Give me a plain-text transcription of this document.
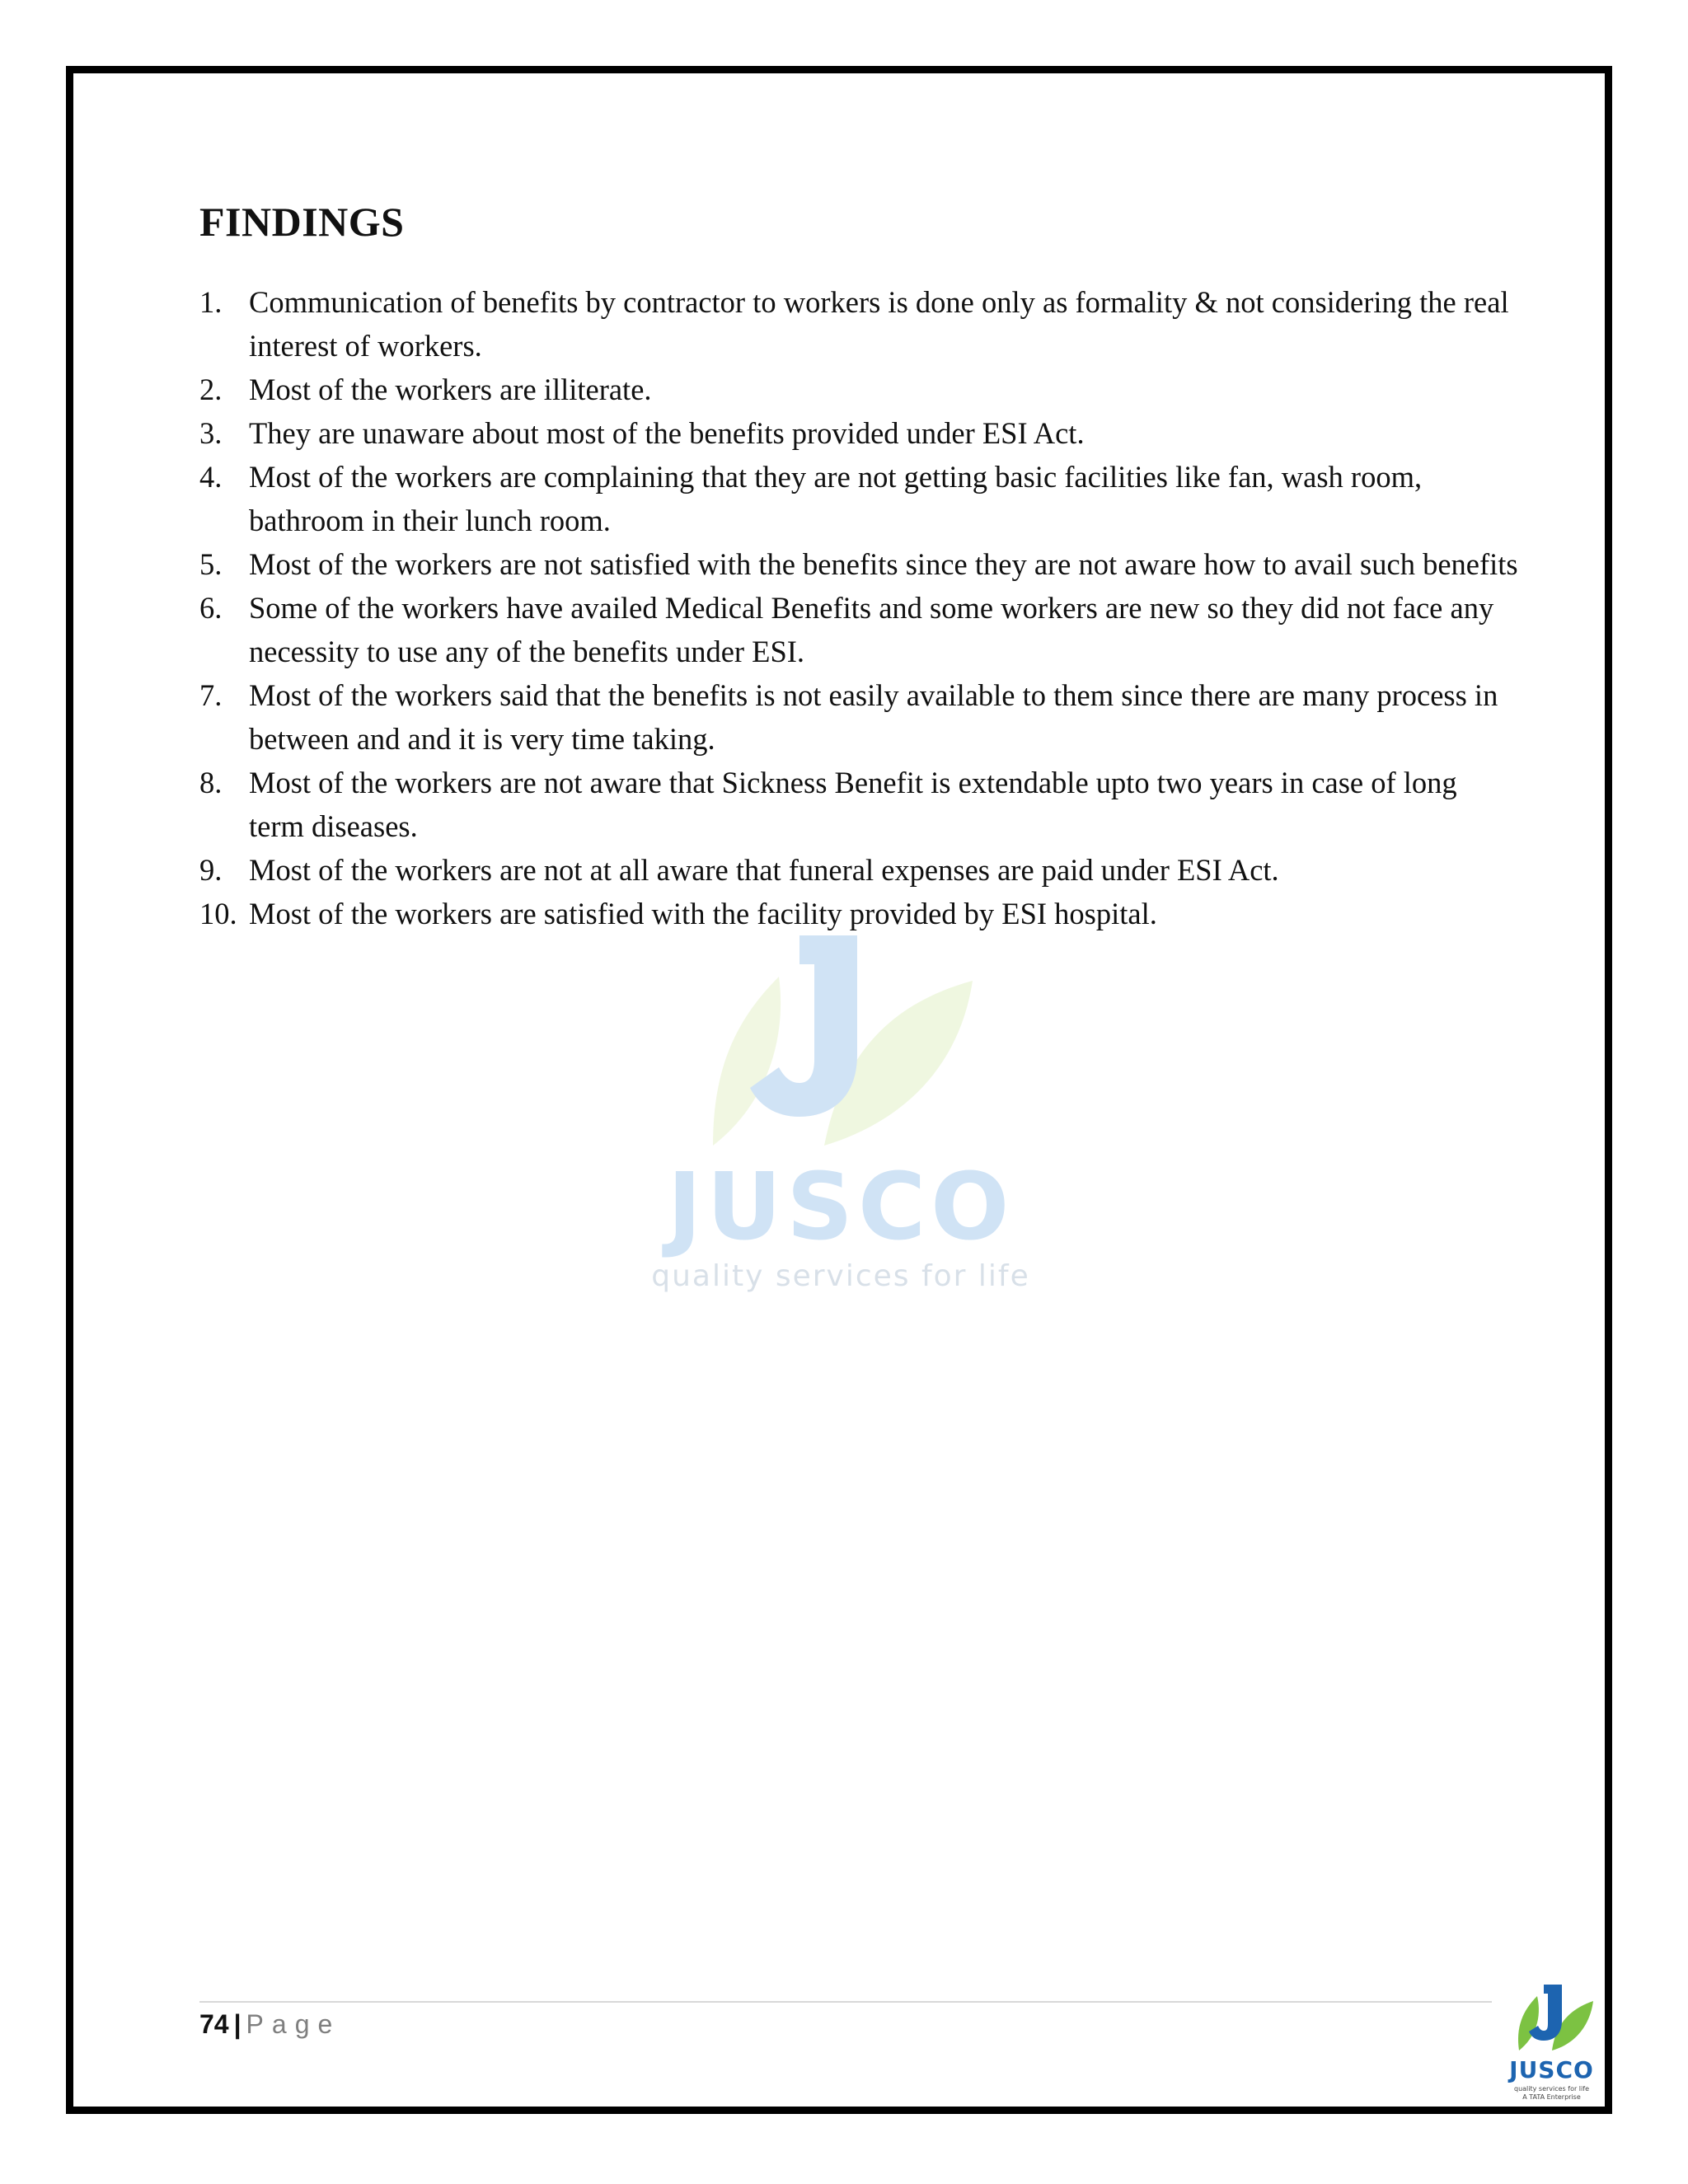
JUSCO
quality services for life
FINDINGS
1. Communication of benefits by contractor to workers is done only as formality & not considering the real interest of workers.
2. Most of the workers are illiterate.
3. They are unaware about most of the benefits provided under ESI Act.
4. Most of the workers are complaining that they are not getting basic facilities like fan, wash room, bathroom in their lunch room.
5. Most of the workers are not satisfied with the benefits since they are not aware how to avail such benefits
6. Some of the workers have availed Medical Benefits and some workers are new so they did not face any necessity to use any of the benefits under ESI.
7. Most of the workers said that the benefits is not easily available to them since there are many process in between and and it is very time taking.
8. Most of the workers are not aware that Sickness Benefit is extendable upto two years in case of long term diseases.
9. Most of the workers are not at all aware that funeral expenses are paid under ESI Act.
10. Most of the workers are satisfied with the facility provided by ESI hospital.
74 | Page
JUSCO
quality services for life
A TATA Enterprise
